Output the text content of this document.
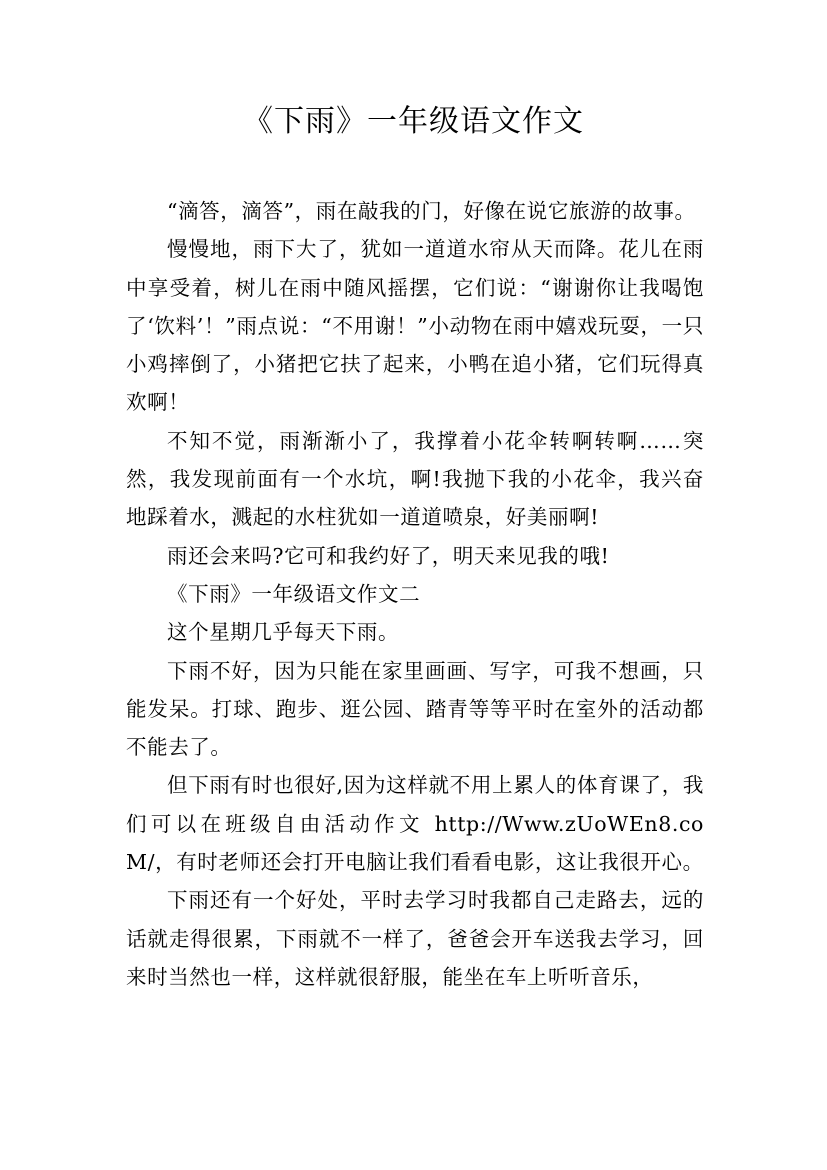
《下雨》一年级语文作文

“滴答，滴答”，雨在敲我的门，好像在说它旅游的故事。

慢慢地，雨下大了，犹如一道道水帘从天而降。花儿在雨中享受着，树儿在雨中随风摇摆，它们说：“谢谢你让我喝饱了‘饮料’！”雨点说：“不用谢！”小动物在雨中嬉戏玩耍，一只小鸡摔倒了，小猪把它扶了起来，小鸭在追小猪，它们玩得真欢啊！

不知不觉，雨渐渐小了，我撑着小花伞转啊转啊……突然，我发现前面有一个水坑，啊!我抛下我的小花伞，我兴奋地踩着水，溅起的水柱犹如一道道喷泉，好美丽啊!

雨还会来吗?它可和我约好了，明天来见我的哦!

《下雨》一年级语文作文二

这个星期几乎每天下雨。

下雨不好，因为只能在家里画画、写字，可我不想画，只能发呆。打球、跑步、逛公园、踏青等等平时在室外的活动都不能去了。

但下雨有时也很好,因为这样就不用上累人的体育课了，我们可以在班级自由活动作文 http://Www.zUoWEn8.coM/，有时老师还会打开电脑让我们看看电影，这让我很开心。

下雨还有一个好处，平时去学习时我都自己走路去，远的话就走得很累，下雨就不一样了，爸爸会开车送我去学习，回来时当然也一样，这样就很舒服，能坐在车上听听音乐，
